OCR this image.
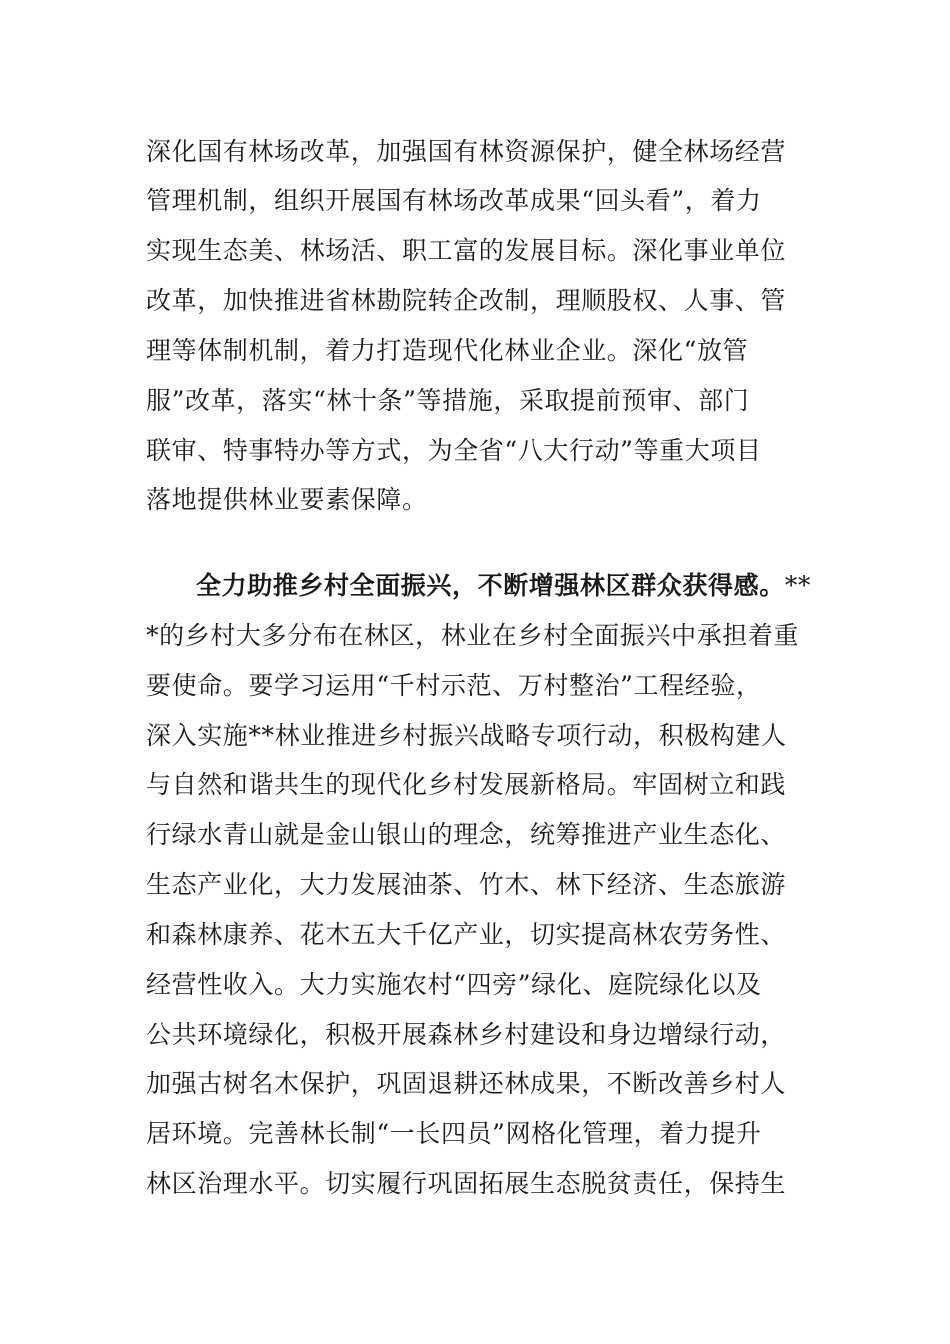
深化国有林场改革，加强国有林资源保护，健全林场经营
管理机制，组织开展国有林场改革成果“回头看”，着力
实现生态美、林场活、职工富的发展目标。深化事业单位
改革，加快推进省林勘院转企改制，理顺股权、人事、管
理等体制机制，着力打造现代化林业企业。深化“放管
服”改革，落实“林十条”等措施，采取提前预审、部门
联审、特事特办等方式，为全省“八大行动”等重大项目
落地提供林业要素保障。
全力助推乡村全面振兴，不断增强林区群众获得感。**
*的乡村大多分布在林区，林业在乡村全面振兴中承担着重
要使命。要学习运用“千村示范、万村整治”工程经验，
深入实施**林业推进乡村振兴战略专项行动，积极构建人
与自然和谐共生的现代化乡村发展新格局。牢固树立和践
行绿水青山就是金山银山的理念，统筹推进产业生态化、
生态产业化，大力发展油茶、竹木、林下经济、生态旅游
和森林康养、花木五大千亿产业，切实提高林农劳务性、
经营性收入。大力实施农村“四旁”绿化、庭院绿化以及
公共环境绿化，积极开展森林乡村建设和身边增绿行动，
加强古树名木保护，巩固退耕还林成果，不断改善乡村人
居环境。完善林长制“一长四员”网格化管理，着力提升
林区治理水平。切实履行巩固拓展生态脱贫责任，保持生
